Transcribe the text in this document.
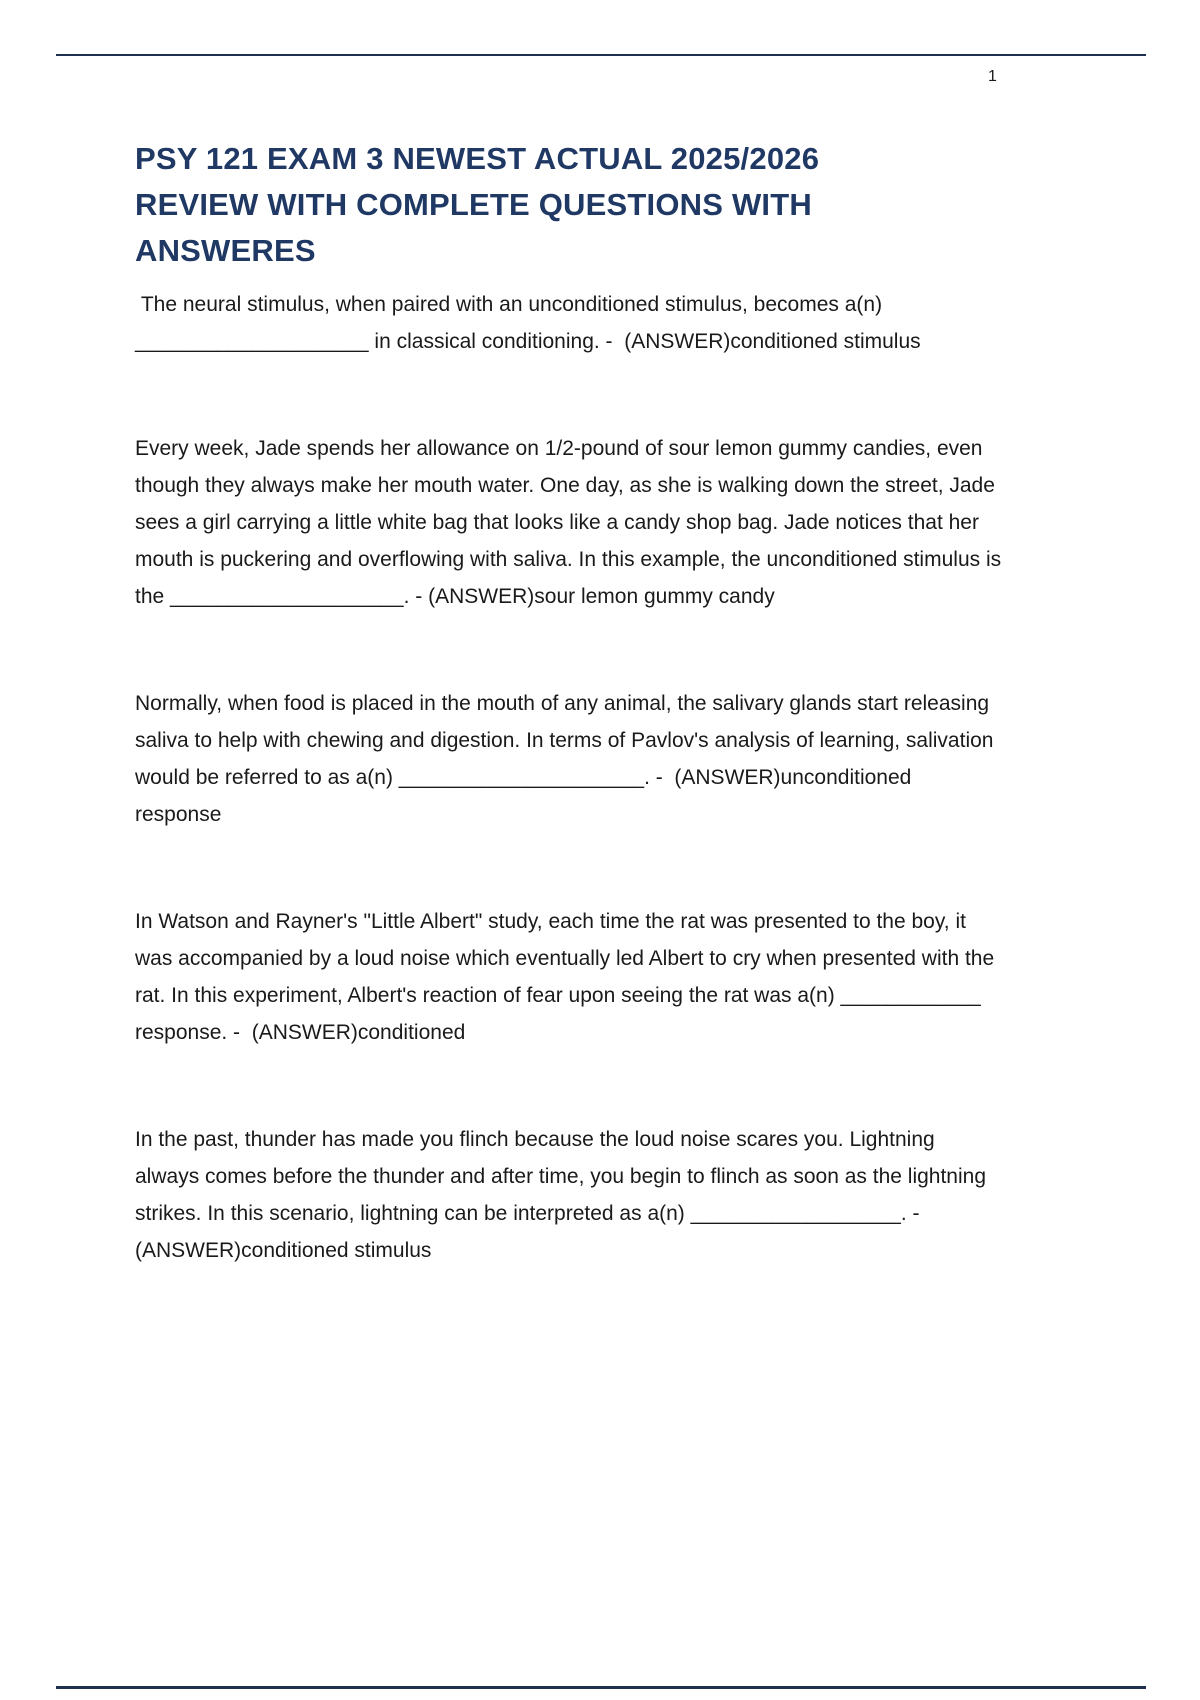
1
PSY 121 EXAM 3 NEWEST ACTUAL 2025/2026
REVIEW WITH COMPLETE QUESTIONS WITH
ANSWERES

The neural stimulus, when paired with an unconditioned stimulus, becomes a(n) ____________________ in classical conditioning. -  (ANSWER)conditioned stimulus

Every week, Jade spends her allowance on 1/2-pound of sour lemon gummy candies, even though they always make her mouth water. One day, as she is walking down the street, Jade sees a girl carrying a little white bag that looks like a candy shop bag. Jade notices that her mouth is puckering and overflowing with saliva. In this example, the unconditioned stimulus is the ____________________. - (ANSWER)sour lemon gummy candy

Normally, when food is placed in the mouth of any animal, the salivary glands start releasing saliva to help with chewing and digestion. In terms of Pavlov's analysis of learning, salivation would be referred to as a(n) _____________________. -  (ANSWER)unconditioned response

In Watson and Rayner's "Little Albert" study, each time the rat was presented to the boy, it was accompanied by a loud noise which eventually led Albert to cry when presented with the rat. In this experiment, Albert's reaction of fear upon seeing the rat was a(n) ____________ response. -  (ANSWER)conditioned

In the past, thunder has made you flinch because the loud noise scares you. Lightning always comes before the thunder and after time, you begin to flinch as soon as the lightning strikes. In this scenario, lightning can be interpreted as a(n) __________________. -  (ANSWER)conditioned stimulus
